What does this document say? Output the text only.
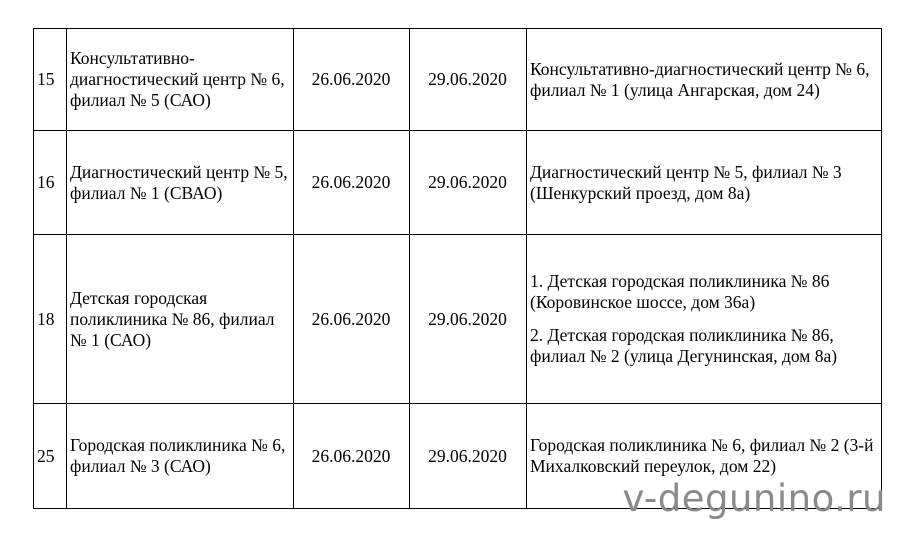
15	Консультативно-диагностический центр № 6, филиал № 5 (САО)	26.06.2020	29.06.2020	Консультативно-диагностический центр № 6, филиал № 1 (улица Ангарская, дом 24)

16	Диагностический центр № 5, филиал № 1 (СВАО)	26.06.2020	29.06.2020	Диагностический центр № 5, филиал № 3 (Шенкурский проезд, дом 8а)

18	Детская городская поликлиника № 86, филиал № 1 (САО)	26.06.2020	29.06.2020	1. Детская городская поликлиника № 86 (Коровинское шоссе, дом 36а)
2. Детская городская поликлиника № 86, филиал № 2 (улица Дегунинская, дом 8а)

25	Городская поликлиника № 6, филиал № 3 (САО)	26.06.2020	29.06.2020	Городская поликлиника № 6, филиал № 2 (3-й Михалковский переулок, дом 22)
v-degunino.ru
